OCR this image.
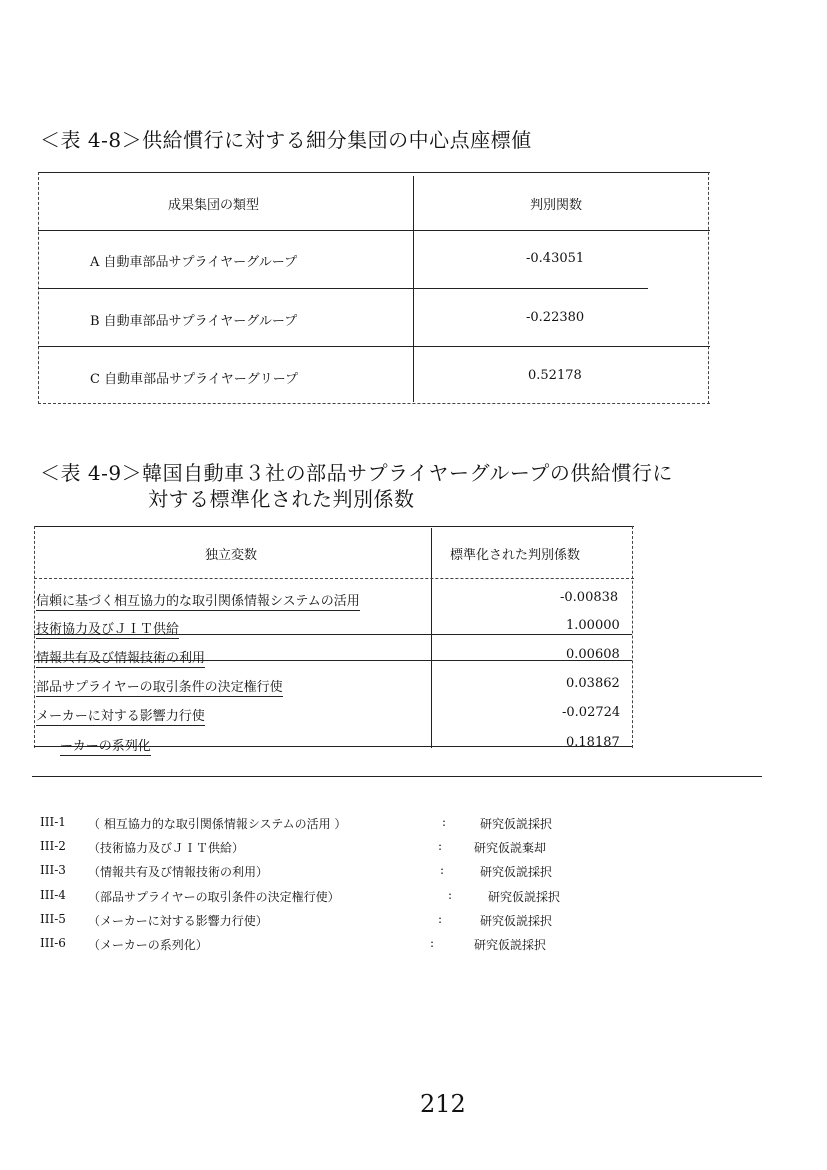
＜表 4-8＞供給慣行に対する細分集団の中心点座標値
成果集団の類型	判別関数
A 自動車部品サプライヤーグループ	-0.43051
B 自動車部品サプライヤーグループ	-0.22380
C 自動車部品サプライヤーグリープ	0.52178
＜表 4-9＞韓国自動車３社の部品サプライヤーグループの供給慣行に
対する標準化された判別係数
独立変数	標準化された判別係数
信頼に基づく相互協力的な取引関係情報システムの活用	-0.00838
技術協力及びＪＩＴ供給	1.00000
情報共有及び情報技術の利用	0.00608
部品サプライヤーの取引条件の決定権行使	0.03862
メーカーに対する影響力行使	-0.02724
ーカーの系列化	0.18187
III-1 （ 相互協力的な取引関係情報システムの活用 ）	:	研究仮説採択
III-2 （技術協力及びＪＩＴ供給）	:	研究仮説棄却
III-3 （情報共有及び情報技術の利用）	:	研究仮説採択
III-4 （部品サプライヤーの取引条件の決定権行使）	:	研究仮説採択
III-5 （メーカーに対する影響力行使）	:	研究仮説採択
III-6 （メーカーの系列化）	:	研究仮説採択
212
